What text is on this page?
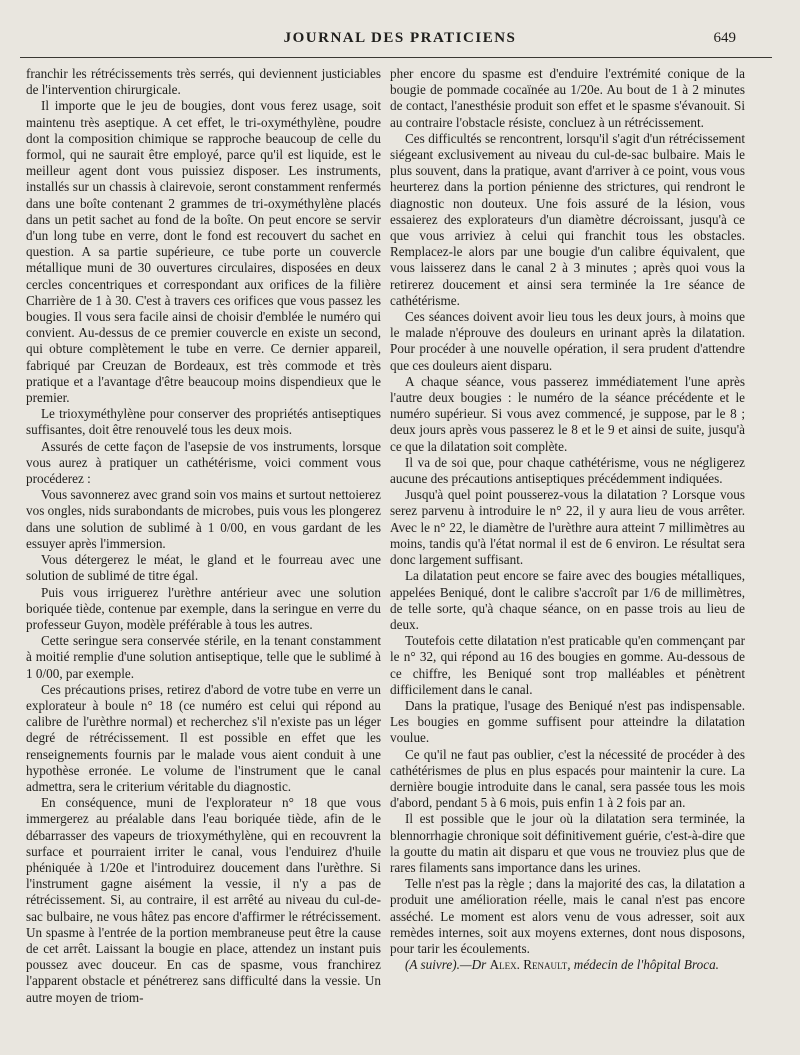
JOURNAL DES PRATICIENS	649

franchir les rétrécissements très serrés, qui deviennent justiciables de l'intervention chirurgicale.

Il importe que le jeu de bougies, dont vous ferez usage, soit maintenu très aseptique. A cet effet, le tri-oxyméthylène, poudre dont la composition chimique se rapproche beaucoup de celle du formol, qui ne saurait être employé, parce qu'il est liquide, est le meilleur agent dont vous puissiez disposer. Les instruments, installés sur un chassis à clairevoie, seront constamment renfermés dans une boîte contenant 2 grammes de tri-oxyméthylène placés dans un petit sachet au fond de la boîte. On peut encore se servir d'un long tube en verre, dont le fond est recouvert du sachet en question. A sa partie supérieure, ce tube porte un couvercle métallique muni de 30 ouvertures circulaires, disposées en deux cercles concentriques et correspondant aux orifices de la filière Charrière de 1 à 30. C'est à travers ces orifices que vous passez les bougies. Il vous sera facile ainsi de choisir d'emblée le numéro qui convient. Au-dessus de ce premier couvercle en existe un second, qui obture complètement le tube en verre. Ce dernier appareil, fabriqué par Creuzan de Bordeaux, est très commode et très pratique et a l'avantage d'être beaucoup moins dispendieux que le premier.

Le trioxyméthylène pour conserver des propriétés antiseptiques suffisantes, doit être renouvelé tous les deux mois.

Assurés de cette façon de l'asepsie de vos instruments, lorsque vous aurez à pratiquer un cathétérisme, voici comment vous procéderez :

Vous savonnerez avec grand soin vos mains et surtout nettoierez vos ongles, nids surabondants de microbes, puis vous les plongerez dans une solution de sublimé à 1 0/00, en vous gardant de les essuyer après l'immersion.

Vous détergerez le méat, le gland et le fourreau avec une solution de sublimé de titre égal.

Puis vous irriguerez l'urèthre antérieur avec une solution boriquée tiède, contenue par exemple, dans la seringue en verre du professeur Guyon, modèle préférable à tous les autres.

Cette seringue sera conservée stérile, en la tenant constamment à moitié remplie d'une solution antiseptique, telle que le sublimé à 1 0/00, par exemple.

Ces précautions prises, retirez d'abord de votre tube en verre un explorateur à boule n° 18 (ce numéro est celui qui répond au calibre de l'urèthre normal) et recherchez s'il n'existe pas un léger degré de rétrécissement. Il est possible en effet que les renseignements fournis par le malade vous aient conduit à une hypothèse erronée. Le volume de l'instrument que le canal admettra, sera le criterium véritable du diagnostic.

En conséquence, muni de l'explorateur n° 18 que vous immergerez au préalable dans l'eau boriquée tiède, afin de le débarrasser des vapeurs de trioxyméthylène, qui en recouvrent la surface et pourraient irriter le canal, vous l'enduirez d'huile phéniquée à 1/20e et l'introduirez doucement dans l'urèthre. Si l'instrument gagne aisément la vessie, il n'y a pas de rétrécissement. Si, au contraire, il est arrêté au niveau du cul-de-sac bulbaire, ne vous hâtez pas encore d'affirmer le rétrécissement. Un spasme à l'entrée de la portion membraneuse peut être la cause de cet arrêt. Laissant la bougie en place, attendez un instant puis poussez avec douceur. En cas de spasme, vous franchirez l'apparent obstacle et pénétrerez sans difficulté dans la vessie. Un autre moyen de triom-

pher encore du spasme est d'enduire l'extrémité conique de la bougie de pommade cocaïnée au 1/20e. Au bout de 1 à 2 minutes de contact, l'anesthésie produit son effet et le spasme s'évanouit. Si au contraire l'obstacle résiste, concluez à un rétrécissement.

Ces difficultés se rencontrent, lorsqu'il s'agit d'un rétrécissement siégeant exclusivement au niveau du cul-de-sac bulbaire. Mais le plus souvent, dans la pratique, avant d'arriver à ce point, vous vous heurterez dans la portion pénienne des strictures, qui rendront le diagnostic non douteux. Une fois assuré de la lésion, vous essaierez des explorateurs d'un diamètre décroissant, jusqu'à ce que vous arriviez à celui qui franchit tous les obstacles. Remplacez-le alors par une bougie d'un calibre équivalent, que vous laisserez dans le canal 2 à 3 minutes ; après quoi vous la retirerez doucement et ainsi sera terminée la 1re séance de cathétérisme.

Ces séances doivent avoir lieu tous les deux jours, à moins que le malade n'éprouve des douleurs en urinant après la dilatation. Pour procéder à une nouvelle opération, il sera prudent d'attendre que ces douleurs aient disparu.

A chaque séance, vous passerez immédiatement l'une après l'autre deux bougies : le numéro de la séance précédente et le numéro supérieur. Si vous avez commencé, je suppose, par le 8 ; deux jours après vous passerez le 8 et le 9 et ainsi de suite, jusqu'à ce que la dilatation soit complète.

Il va de soi que, pour chaque cathétérisme, vous ne négligerez aucune des précautions antiseptiques précédemment indiquées.

Jusqu'à quel point pousserez-vous la dilatation ? Lorsque vous serez parvenu à introduire le n° 22, il y aura lieu de vous arrêter. Avec le n° 22, le diamètre de l'urèthre aura atteint 7 millimètres au moins, tandis qu'à l'état normal il est de 6 environ. Le résultat sera donc largement suffisant.

La dilatation peut encore se faire avec des bougies métalliques, appelées Beniqué, dont le calibre s'accroît par 1/6 de millimètres, de telle sorte, qu'à chaque séance, on en passe trois au lieu de deux.

Toutefois cette dilatation n'est praticable qu'en commençant par le n° 32, qui répond au 16 des bougies en gomme. Au-dessous de ce chiffre, les Beniqué sont trop malléables et pénètrent difficilement dans le canal.

Dans la pratique, l'usage des Beniqué n'est pas indispensable. Les bougies en gomme suffisent pour atteindre la dilatation voulue.

Ce qu'il ne faut pas oublier, c'est la nécessité de procéder à des cathétérismes de plus en plus espacés pour maintenir la cure. La dernière bougie introduite dans le canal, sera passée tous les mois d'abord, pendant 5 à 6 mois, puis enfin 1 à 2 fois par an.

Il est possible que le jour où la dilatation sera terminée, la blennorrhagie chronique soit définitivement guérie, c'est-à-dire que la goutte du matin ait disparu et que vous ne trouviez plus que de rares filaments sans importance dans les urines.

Telle n'est pas la règle ; dans la majorité des cas, la dilatation a produit une amélioration réelle, mais le canal n'est pas encore asséché. Le moment est alors venu de vous adresser, soit aux remèdes internes, soit aux moyens externes, dont nous disposons, pour tarir les écoulements.

(A suivre).—Dr Alex. Renault, médecin de l'hôpital Broca.
